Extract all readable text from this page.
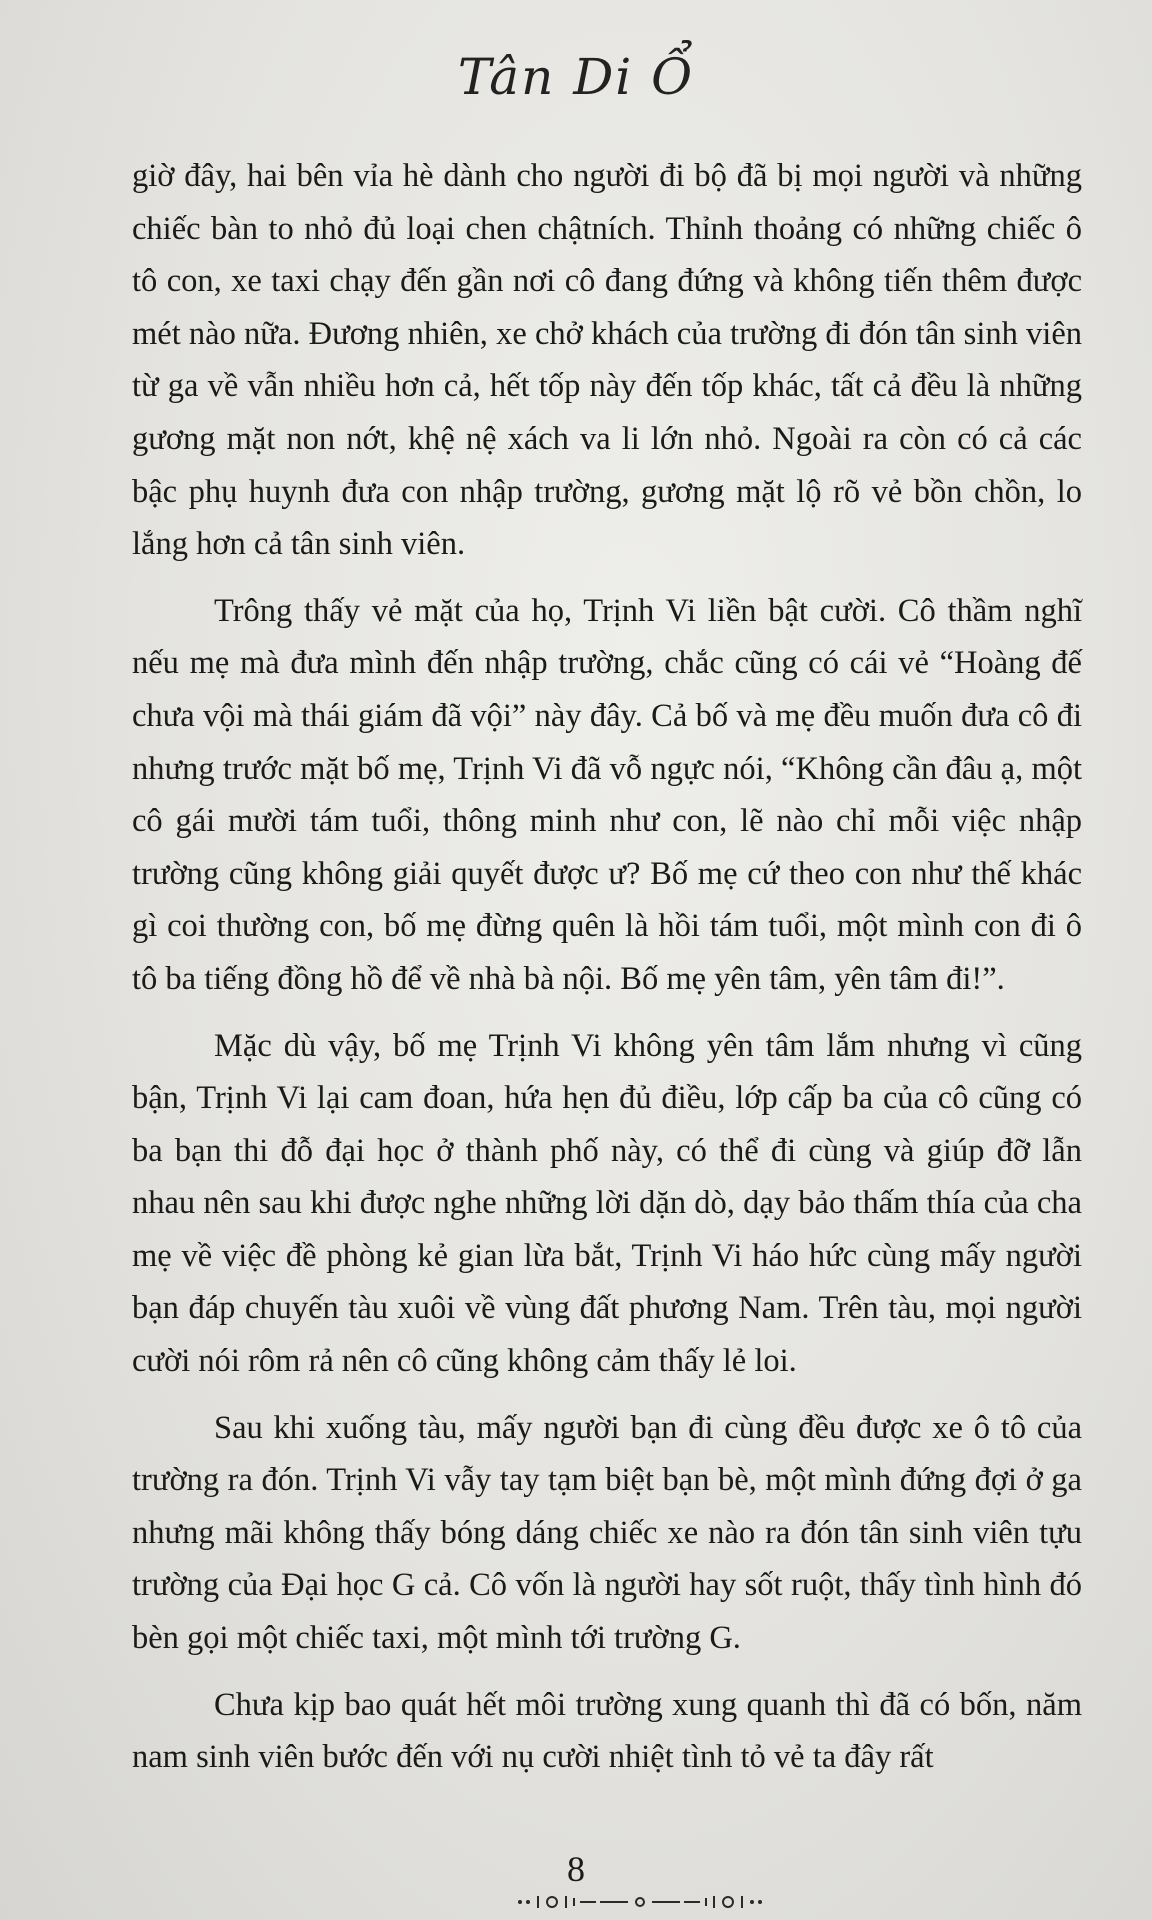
Tân Di Ổ

giờ đây, hai bên vỉa hè dành cho người đi bộ đã bị mọi người và những chiếc bàn to nhỏ đủ loại chen chậtních. Thỉnh thoảng có những chiếc ô tô con, xe taxi chạy đến gần nơi cô đang đứng và không tiến thêm được mét nào nữa. Đương nhiên, xe chở khách của trường đi đón tân sinh viên từ ga về vẫn nhiều hơn cả, hết tốp này đến tốp khác, tất cả đều là những gương mặt non nớt, khệ nệ xách va li lớn nhỏ. Ngoài ra còn có cả các bậc phụ huynh đưa con nhập trường, gương mặt lộ rõ vẻ bồn chồn, lo lắng hơn cả tân sinh viên.

Trông thấy vẻ mặt của họ, Trịnh Vi liền bật cười. Cô thầm nghĩ nếu mẹ mà đưa mình đến nhập trường, chắc cũng có cái vẻ “Hoàng đế chưa vội mà thái giám đã vội” này đây. Cả bố và mẹ đều muốn đưa cô đi nhưng trước mặt bố mẹ, Trịnh Vi đã vỗ ngực nói, “Không cần đâu ạ, một cô gái mười tám tuổi, thông minh như con, lẽ nào chỉ mỗi việc nhập trường cũng không giải quyết được ư? Bố mẹ cứ theo con như thế khác gì coi thường con, bố mẹ đừng quên là hồi tám tuổi, một mình con đi ô tô ba tiếng đồng hồ để về nhà bà nội. Bố mẹ yên tâm, yên tâm đi!”.

Mặc dù vậy, bố mẹ Trịnh Vi không yên tâm lắm nhưng vì cũng bận, Trịnh Vi lại cam đoan, hứa hẹn đủ điều, lớp cấp ba của cô cũng có ba bạn thi đỗ đại học ở thành phố này, có thể đi cùng và giúp đỡ lẫn nhau nên sau khi được nghe những lời dặn dò, dạy bảo thấm thía của cha mẹ về việc đề phòng kẻ gian lừa bắt, Trịnh Vi háo hức cùng mấy người bạn đáp chuyến tàu xuôi về vùng đất phương Nam. Trên tàu, mọi người cười nói rôm rả nên cô cũng không cảm thấy lẻ loi.

Sau khi xuống tàu, mấy người bạn đi cùng đều được xe ô tô của trường ra đón. Trịnh Vi vẫy tay tạm biệt bạn bè, một mình đứng đợi ở ga nhưng mãi không thấy bóng dáng chiếc xe nào ra đón tân sinh viên tựu trường của Đại học G cả. Cô vốn là người hay sốt ruột, thấy tình hình đó bèn gọi một chiếc taxi, một mình tới trường G.

Chưa kịp bao quát hết môi trường xung quanh thì đã có bốn, năm nam sinh viên bước đến với nụ cười nhiệt tình tỏ vẻ ta đây rất

8
